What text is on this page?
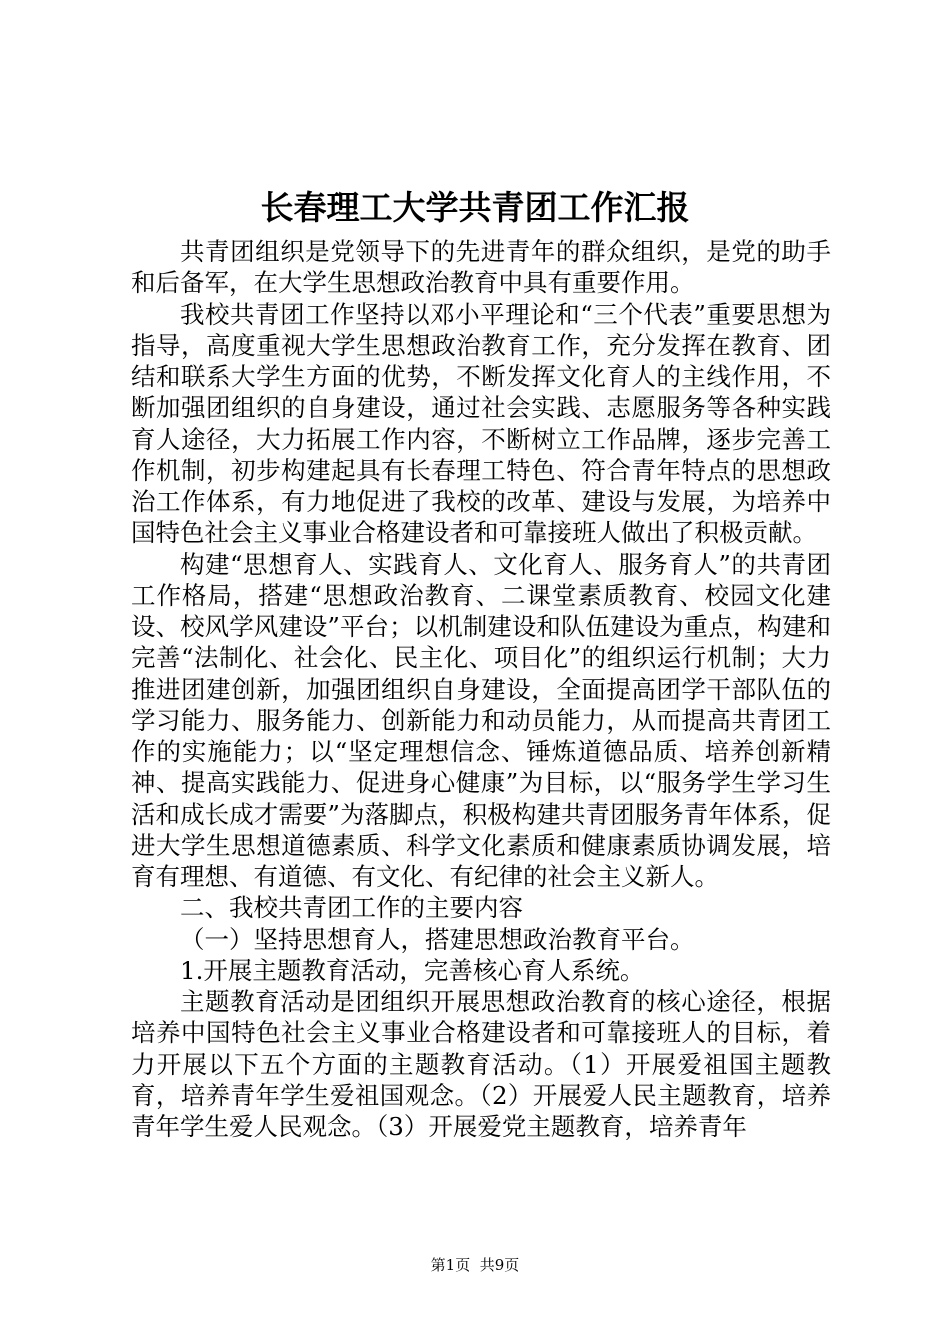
长春理工大学共青团工作汇报

共青团组织是党领导下的先进青年的群众组织，是党的助手和后备军，在大学生思想政治教育中具有重要作用。

我校共青团工作坚持以邓小平理论和“三个代表”重要思想为指导，高度重视大学生思想政治教育工作，充分发挥在教育、团结和联系大学生方面的优势，不断发挥文化育人的主线作用，不断加强团组织的自身建设，通过社会实践、志愿服务等各种实践育人途径，大力拓展工作内容，不断树立工作品牌，逐步完善工作机制，初步构建起具有长春理工特色、符合青年特点的思想政治工作体系，有力地促进了我校的改革、建设与发展，为培养中国特色社会主义事业合格建设者和可靠接班人做出了积极贡献。

构建“思想育人、实践育人、文化育人、服务育人”的共青团工作格局，搭建“思想政治教育、二课堂素质教育、校园文化建设、校风学风建设”平台；以机制建设和队伍建设为重点，构建和完善“法制化、社会化、民主化、项目化”的组织运行机制；大力推进团建创新，加强团组织自身建设，全面提高团学干部队伍的学习能力、服务能力、创新能力和动员能力，从而提高共青团工作的实施能力；以“坚定理想信念、锤炼道德品质、培养创新精神、提高实践能力、促进身心健康”为目标，以“服务学生学习生活和成长成才需要”为落脚点，积极构建共青团服务青年体系，促进大学生思想道德素质、科学文化素质和健康素质协调发展，培育有理想、有道德、有文化、有纪律的社会主义新人。

二、我校共青团工作的主要内容

（一）坚持思想育人，搭建思想政治教育平台。

1.开展主题教育活动，完善核心育人系统。

主题教育活动是团组织开展思想政治教育的核心途径，根据培养中国特色社会主义事业合格建设者和可靠接班人的目标，着力开展以下五个方面的主题教育活动。（1）开展爱祖国主题教育，培养青年学生爱祖国观念。（2）开展爱人民主题教育，培养青年学生爱人民观念。（3）开展爱党主题教育，培养青年

第1页 共9页
